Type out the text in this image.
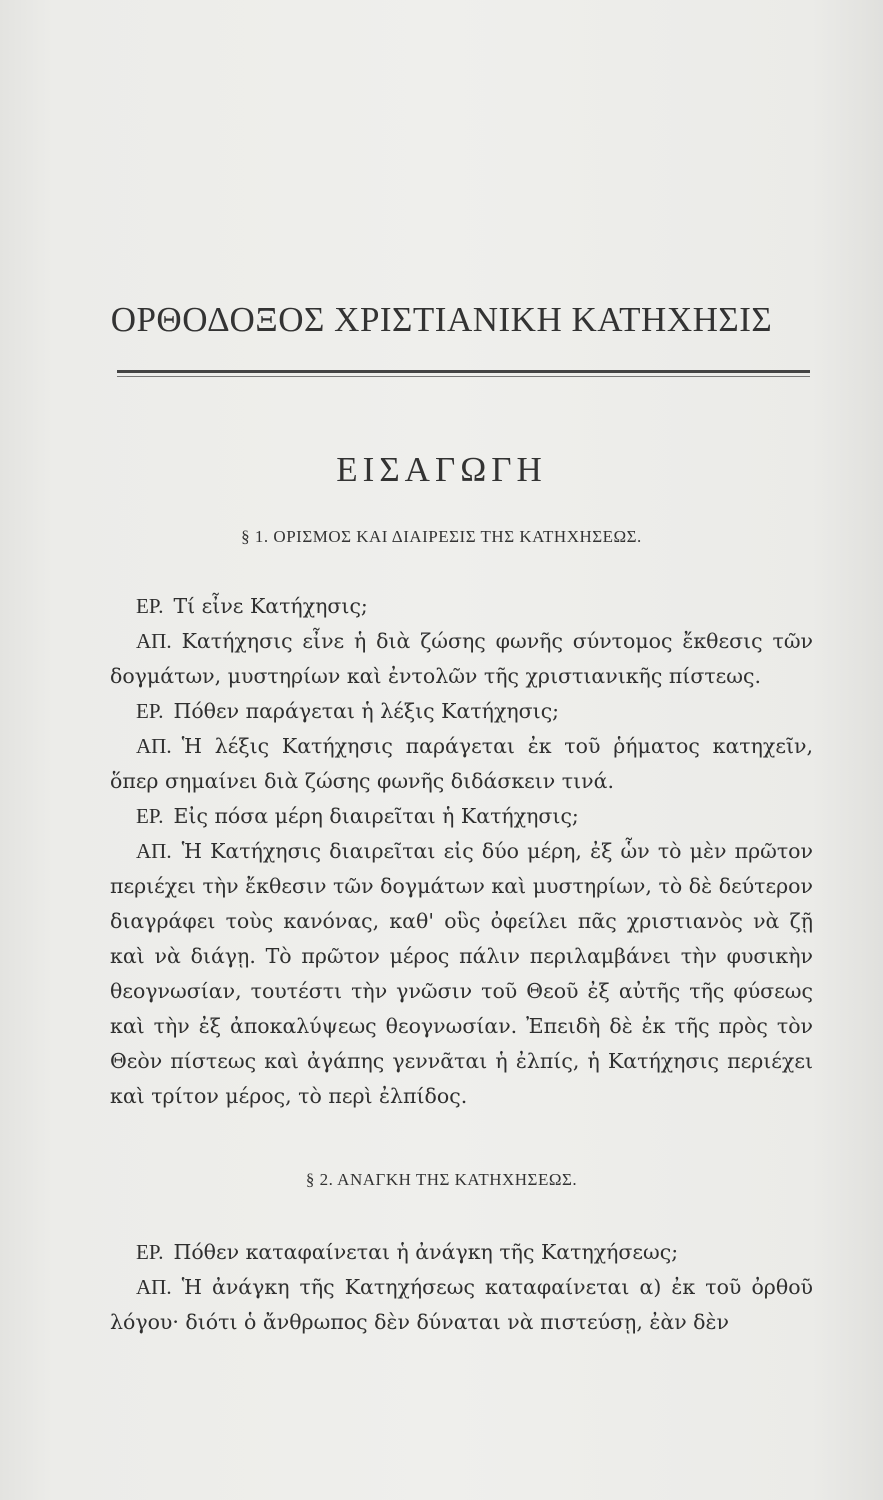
ΟΡΘΟΔΟΞΟΣ ΧΡΙΣΤΙΑΝΙΚΗ ΚΑΤΗΧΗΣΙΣ
ΕΙΣΑΓΩΓΗ
§ 1. ΟΡΙΣΜΟΣ ΚΑΙ ΔΙΑΙΡΕΣΙΣ ΤΗΣ ΚΑΤΗΧΗΣΕΩΣ.

ΕΡ. Τί εἶνε Κατήχησις;

ΑΠ. Κατήχησις εἶνε ἡ διὰ ζώσης φωνῆς σύντομος ἔκθεσις τῶν δογμάτων, μυστηρίων καὶ ἐντολῶν τῆς χριστιανικῆς πίστεως.

ΕΡ. Πόθεν παράγεται ἡ λέξις Κατήχησις;

ΑΠ. Ἡ λέξις Κατήχησις παράγεται ἐκ τοῦ ῥήματος κατηχεῖν, ὅπερ σημαίνει διὰ ζώσης φωνῆς διδάσκειν τινά.

ΕΡ. Εἰς πόσα μέρη διαιρεῖται ἡ Κατήχησις;

ΑΠ. Ἡ Κατήχησις διαιρεῖται εἰς δύο μέρη, ἐξ ὧν τὸ μὲν πρῶτον περιέχει τὴν ἔκθεσιν τῶν δογμάτων καὶ μυστηρίων, τὸ δὲ δεύτερον διαγράφει τοὺς κανόνας, καθ' οὓς ὀφείλει πᾶς χριστιανὸς νὰ ζῇ καὶ νὰ διάγῃ. Τὸ πρῶτον μέρος πάλιν περιλαμβάνει τὴν φυσικὴν θεογνωσίαν, τουτέστι τὴν γνῶσιν τοῦ Θεοῦ ἐξ αὐτῆς τῆς φύσεως καὶ τὴν ἐξ ἀποκαλύψεως θεογνωσίαν. Ἐπειδὴ δὲ ἐκ τῆς πρὸς τὸν Θεὸν πίστεως καὶ ἀγάπης γεννᾶται ἡ ἐλπίς, ἡ Κατήχησις περιέχει καὶ τρίτον μέρος, τὸ περὶ ἐλπίδος.

§ 2. ΑΝΑΓΚΗ ΤΗΣ ΚΑΤΗΧΗΣΕΩΣ.

ΕΡ. Πόθεν καταφαίνεται ἡ ἀνάγκη τῆς Κατηχήσεως;

ΑΠ. Ἡ ἀνάγκη τῆς Κατηχήσεως καταφαίνεται α) ἐκ τοῦ ὀρθοῦ λόγου· διότι ὁ ἄνθρωπος δὲν δύναται νὰ πιστεύσῃ, ἐὰν δὲν
